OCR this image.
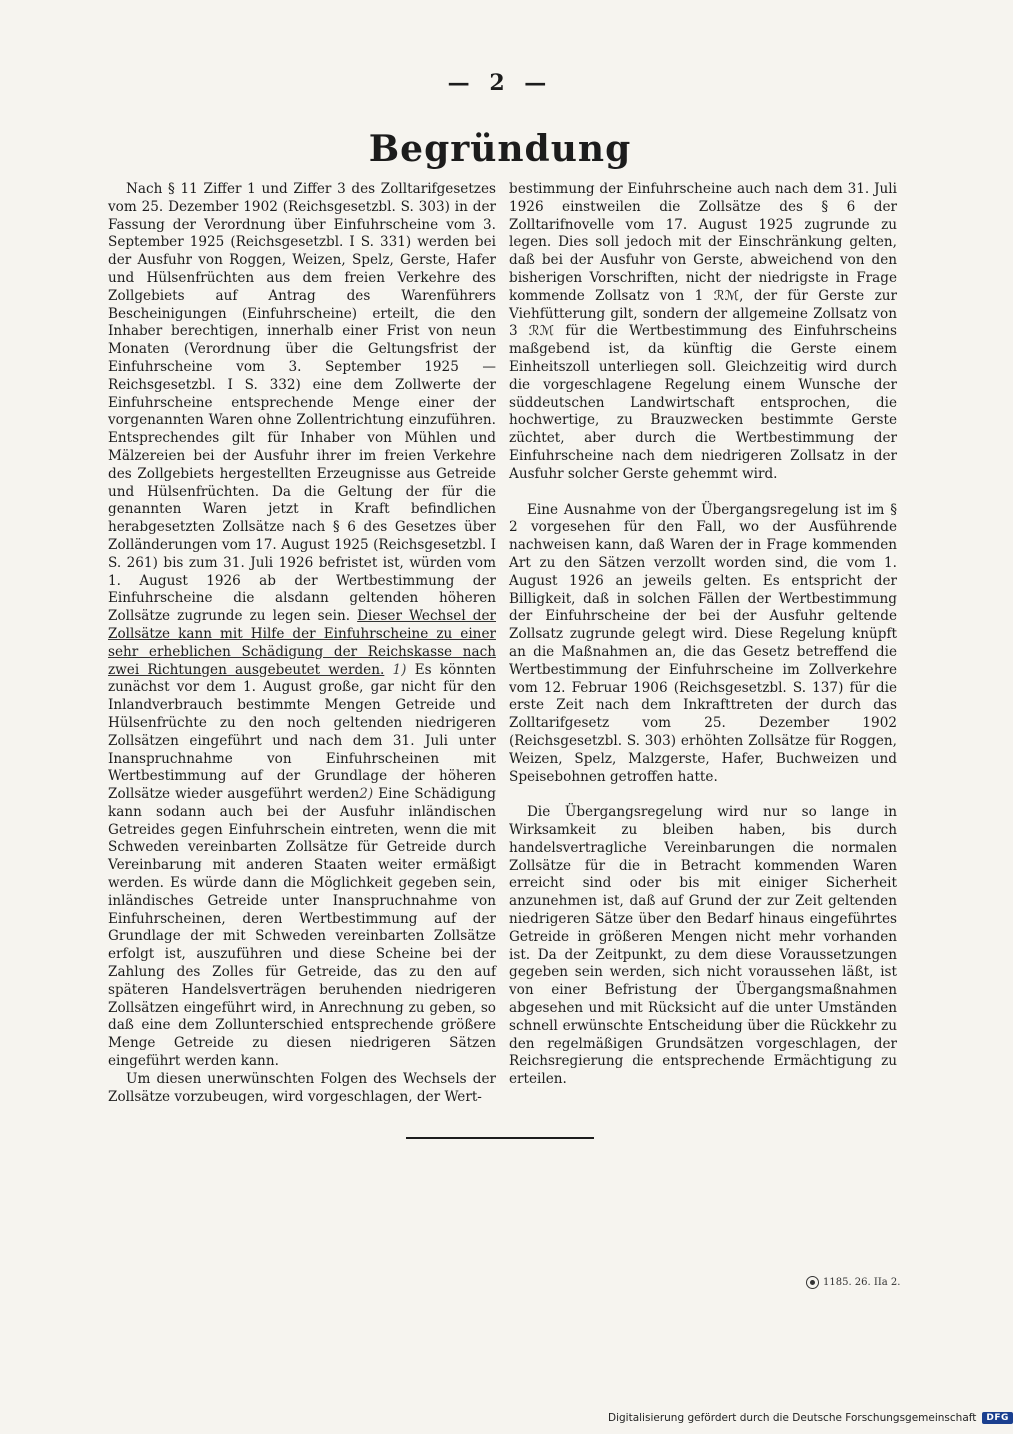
— 2 —
Begründung

Nach § 11 Ziffer 1 und Ziffer 3 des Zolltarifgesetzes vom 25. Dezember 1902 (Reichsgesetzbl. S. 303) in der Fassung der Verordnung über Einfuhrscheine vom 3. September 1925 (Reichsgesetzbl. I S. 331) werden bei der Ausfuhr von Roggen, Weizen, Spelz, Gerste, Hafer und Hülsenfrüchten aus dem freien Verkehre des Zollgebiets auf Antrag des Warenführers Bescheinigungen (Einfuhrscheine) erteilt, die den Inhaber berechtigen, innerhalb einer Frist von neun Monaten (Verordnung über die Geltungsfrist der Einfuhrscheine vom 3. September 1925 — Reichsgesetzbl. I S. 332) eine dem Zollwerte der Einfuhrscheine entsprechende Menge einer der vorgenannten Waren ohne Zollentrichtung einzuführen. Entsprechendes gilt für Inhaber von Mühlen und Mälzereien bei der Ausfuhr ihrer im freien Verkehre des Zollgebiets hergestellten Erzeugnisse aus Getreide und Hülsenfrüchten. Da die Geltung der für die genannten Waren jetzt in Kraft befindlichen herabgesetzten Zollsätze nach § 6 des Gesetzes über Zolländerungen vom 17. August 1925 (Reichsgesetzbl. I S. 261) bis zum 31. Juli 1926 befristet ist, würden vom 1. August 1926 ab der Wertbestimmung der Einfuhrscheine die alsdann geltenden höheren Zollsätze zugrunde zu legen sein. Dieser Wechsel der Zollsätze kann mit Hilfe der Einfuhrscheine zu einer sehr erheblichen Schädigung der Reichskasse nach zwei Richtungen ausgebeutet werden. 1) Es könnten zunächst vor dem 1. August große, gar nicht für den Inlandverbrauch bestimmte Mengen Getreide und Hülsenfrüchte zu den noch geltenden niedrigeren Zollsätzen eingeführt und nach dem 31. Juli unter Inanspruchnahme von Einfuhrscheinen mit Wertbestimmung auf der Grundlage der höheren Zollsätze wieder ausgeführt werden2) Eine Schädigung kann sodann auch bei der Ausfuhr inländischen Getreides gegen Einfuhrschein eintreten, wenn die mit Schweden vereinbarten Zollsätze für Getreide durch Vereinbarung mit anderen Staaten weiter ermäßigt werden. Es würde dann die Möglichkeit gegeben sein, inländisches Getreide unter Inanspruchnahme von Einfuhrscheinen, deren Wertbestimmung auf der Grundlage der mit Schweden vereinbarten Zollsätze erfolgt ist, auszuführen und diese Scheine bei der Zahlung des Zolles für Getreide, das zu den auf späteren Handelsverträgen beruhenden niedrigeren Zollsätzen eingeführt wird, in Anrechnung zu geben, so daß eine dem Zollunterschied entsprechende größere Menge Getreide zu diesen niedrigeren Sätzen eingeführt werden kann.

Um diesen unerwünschten Folgen des Wechsels der Zollsätze vorzubeugen, wird vorgeschlagen, der Wert-

bestimmung der Einfuhrscheine auch nach dem 31. Juli 1926 einstweilen die Zollsätze des § 6 der Zolltarifnovelle vom 17. August 1925 zugrunde zu legen. Dies soll jedoch mit der Einschränkung gelten, daß bei der Ausfuhr von Gerste, abweichend von den bisherigen Vorschriften, nicht der niedrigste in Frage kommende Zollsatz von 1 ℛℳ, der für Gerste zur Viehfütterung gilt, sondern der allgemeine Zollsatz von 3 ℛℳ für die Wertbestimmung des Einfuhrscheins maßgebend ist, da künftig die Gerste einem Einheitszoll unterliegen soll. Gleichzeitig wird durch die vorgeschlagene Regelung einem Wunsche der süddeutschen Landwirtschaft entsprochen, die hochwertige, zu Brauzwecken bestimmte Gerste züchtet, aber durch die Wertbestimmung der Einfuhrscheine nach dem niedrigeren Zollsatz in der Ausfuhr solcher Gerste gehemmt wird.

Eine Ausnahme von der Übergangsregelung ist im § 2 vorgesehen für den Fall, wo der Ausführende nachweisen kann, daß Waren der in Frage kommenden Art zu den Sätzen verzollt worden sind, die vom 1. August 1926 an jeweils gelten. Es entspricht der Billigkeit, daß in solchen Fällen der Wertbestimmung der Einfuhrscheine der bei der Ausfuhr geltende Zollsatz zugrunde gelegt wird. Diese Regelung knüpft an die Maßnahmen an, die das Gesetz betreffend die Wertbestimmung der Einfuhrscheine im Zollverkehre vom 12. Februar 1906 (Reichsgesetzbl. S. 137) für die erste Zeit nach dem Inkrafttreten der durch das Zolltarifgesetz vom 25. Dezember 1902 (Reichsgesetzbl. S. 303) erhöhten Zollsätze für Roggen, Weizen, Spelz, Malzgerste, Hafer, Buchweizen und Speisebohnen getroffen hatte.

Die Übergangsregelung wird nur so lange in Wirksamkeit zu bleiben haben, bis durch handelsvertragliche Vereinbarungen die normalen Zollsätze für die in Betracht kommenden Waren erreicht sind oder bis mit einiger Sicherheit anzunehmen ist, daß auf Grund der zur Zeit geltenden niedrigeren Sätze über den Bedarf hinaus eingeführtes Getreide in größeren Mengen nicht mehr vorhanden ist. Da der Zeitpunkt, zu dem diese Voraussetzungen gegeben sein werden, sich nicht voraussehen läßt, ist von einer Befristung der Übergangsmaßnahmen abgesehen und mit Rücksicht auf die unter Umständen schnell erwünschte Entscheidung über die Rückkehr zu den regelmäßigen Grundsätzen vorgeschlagen, der Reichsregierung die entsprechende Ermächtigung zu erteilen.

1185. 26. IIa 2.
Digitalisierung gefördert durch die Deutsche Forschungsgemeinschaft	DFG
